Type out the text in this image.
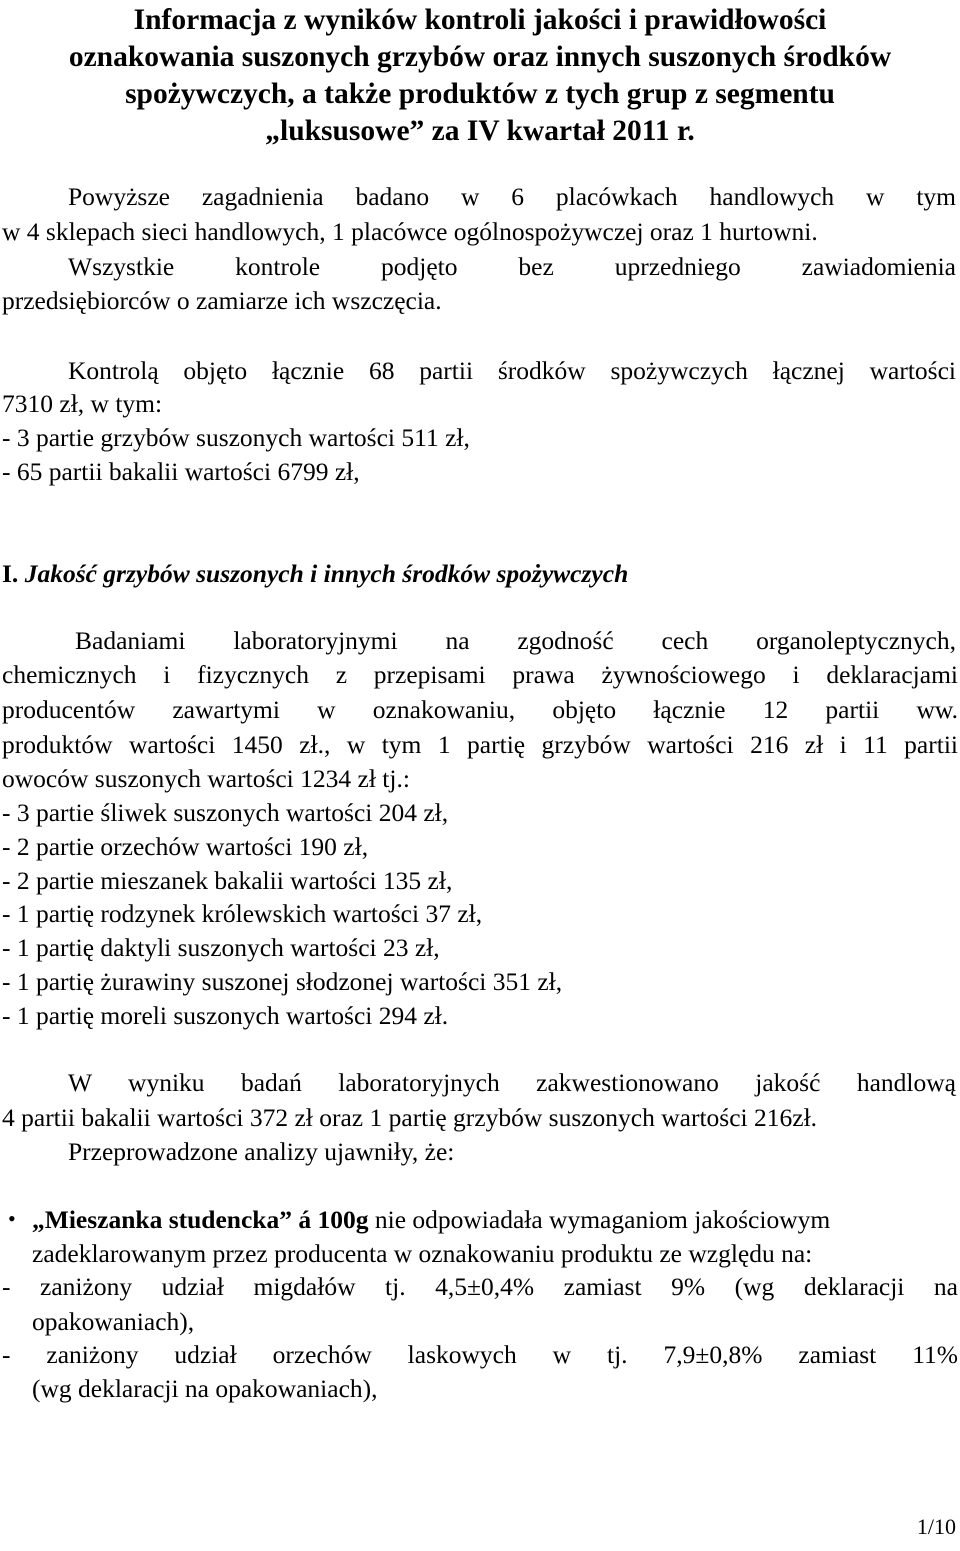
Informacja z wyników kontroli jakości i prawidłowości
oznakowania suszonych grzybów oraz innych suszonych środków
spożywczych, a także produktów z tych grup z segmentu
„luksusowe” za IV kwartał 2011 r.
Powyższe zagadnienia badano w 6 placówkach handlowych w tym
w 4 sklepach sieci handlowych, 1 placówce ogólnospożywczej oraz 1 hurtowni.
Wszystkie kontrole podjęto bez uprzedniego zawiadomienia
przedsiębiorców o zamiarze ich wszczęcia.
Kontrolą objęto łącznie 68 partii środków spożywczych łącznej wartości
7310 zł, w tym:
- 3 partie grzybów suszonych wartości 511 zł,
- 65 partii bakalii wartości 6799 zł,
I. Jakość grzybów suszonych i innych środków spożywczych
Badaniami laboratoryjnymi na zgodność cech organoleptycznych,
chemicznych i fizycznych z przepisami prawa żywnościowego i deklaracjami
producentów zawartymi w oznakowaniu, objęto łącznie 12 partii ww.
produktów wartości 1450 zł., w tym 1 partię grzybów wartości 216 zł i 11 partii
owoców suszonych wartości 1234 zł tj.:
- 3 partie śliwek suszonych wartości 204 zł,
- 2 partie orzechów wartości 190 zł,
- 2 partie mieszanek bakalii wartości 135 zł,
- 1 partię rodzynek królewskich wartości 37 zł,
- 1 partię daktyli suszonych wartości 23 zł,
- 1 partię żurawiny suszonej słodzonej wartości 351 zł,
- 1 partię moreli suszonych wartości 294 zł.
W wyniku badań laboratoryjnych zakwestionowano jakość handlową
4 partii bakalii wartości 372 zł oraz 1 partię grzybów suszonych wartości 216zł.
Przeprowadzone analizy ujawniły, że:
• „Mieszanka studencka” á 100g nie odpowiadała wymaganiom jakościowym
zadeklarowanym przez producenta w oznakowaniu produktu ze względu na:
- zaniżony udział migdałów tj. 4,5±0,4% zamiast 9% (wg deklaracji na
opakowaniach),
- zaniżony udział orzechów laskowych w tj. 7,9±0,8% zamiast 11%
(wg deklaracji na opakowaniach),
1/10
